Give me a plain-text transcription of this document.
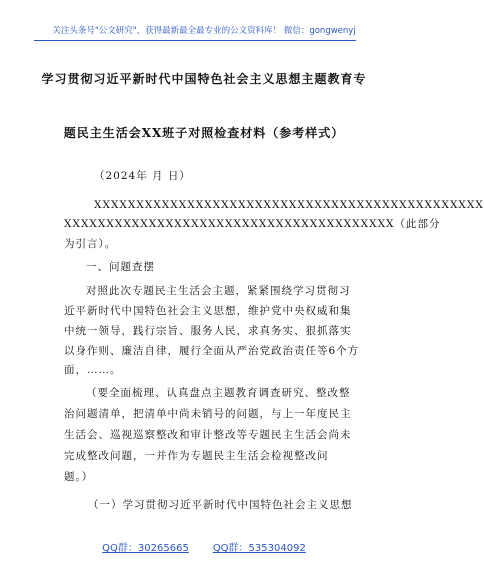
关注头条号"公文研究"，获得最新最全最专业的公文资料库！ 微信：gongwenyj
学习贯彻习近平新时代中国特色社会主义思想主题教育专
题民主生活会XX班子对照检查材料（参考样式）
（2024年 月 日）
XXXXXXXXXXXXXXXXXXXXXXXXXXXXXXXXXXXXXXXXXXXXXX
XXXXXXXXXXXXXXXXXXXXXXXXXXXXXXXXXXXXXXX（此部分
为引言）。
一、问题查摆
对照此次专题民主生活会主题，紧紧围绕学习贯彻习
近平新时代中国特色社会主义思想，维护党中央权威和集
中统一领导，践行宗旨、服务人民，求真务实、狠抓落实
以身作则、廉洁自律，履行全面从严治党政治责任等6个方
面，……。
（要全面梳理、认真盘点主题教育调查研究、整改整
治问题清单，把清单中尚未销号的问题，与上一年度民主
生活会、巡视巡察整改和审计整改等专题民主生活会尚未
完成整改问题，一并作为专题民主生活会检视整改问
题。）
（一）学习贯彻习近平新时代中国特色社会主义思想
QQ群：30265665 QQ群：535304092
